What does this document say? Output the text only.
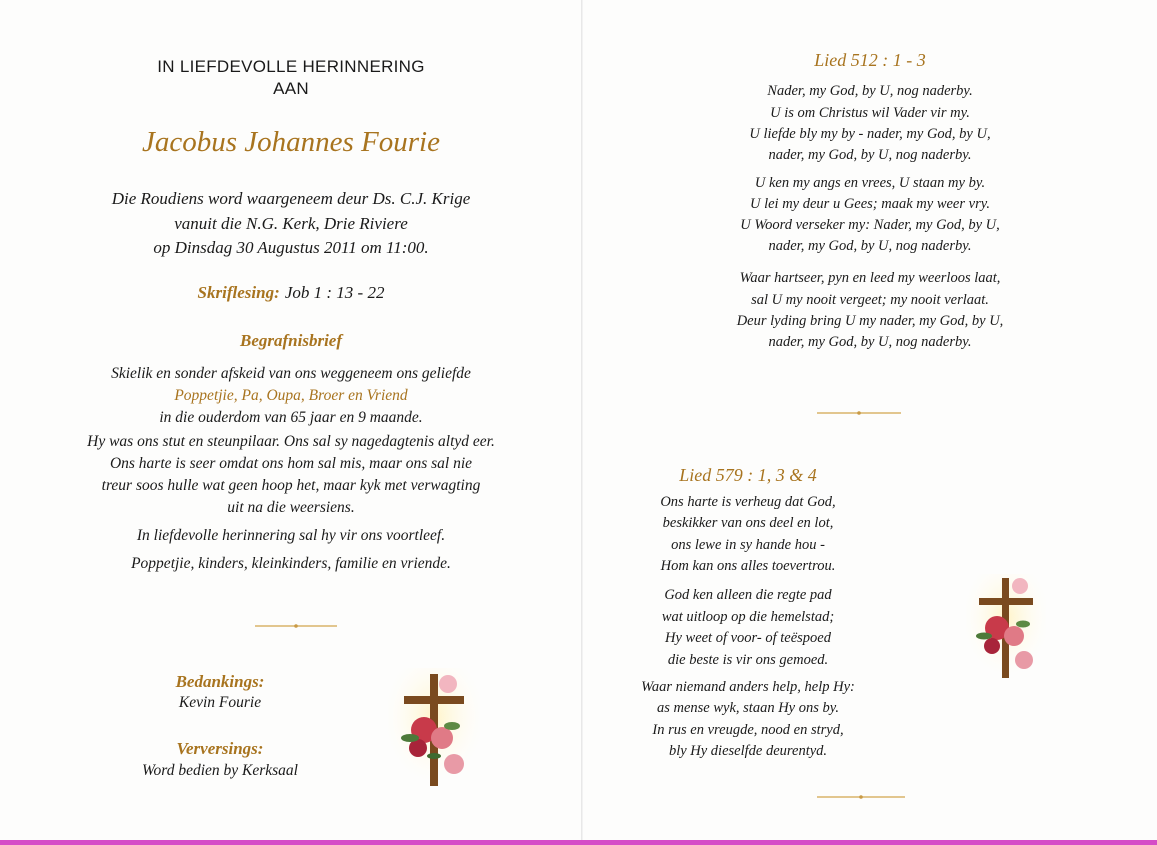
IN LIEFDEVOLLE HERINNERING
AAN
Jacobus Johannes Fourie
Die Roudiens word waargeneem deur Ds. C.J. Krige
vanuit die N.G. Kerk, Drie Riviere
op Dinsdag 30 Augustus 2011 om 11:00.
Skriflesing: Job 1 : 13 - 22
Begrafnisbrief
Skielik en sonder afskeid van ons weggeneem ons geliefde
Poppetjie, Pa, Oupa, Broer en Vriend
in die ouderdom van 65 jaar en 9 maande.
Hy was ons stut en steunpilaar. Ons sal sy nagedagtenis altyd eer.
Ons harte is seer omdat ons hom sal mis, maar ons sal nie
treur soos hulle wat geen hoop het, maar kyk met verwagting
uit na die weersiens.
In liefdevolle herinnering sal hy vir ons voortleef.
Poppetjie, kinders, kleinkinders, familie en vriende.
Bedankings:
Kevin Fourie
Verversings:
Word bedien by Kerksaal
Lied 512 : 1 - 3
Nader, my God, by U, nog naderby.
U is om Christus wil Vader vir my.
U liefde bly my by - nader, my God, by U,
nader, my God, by U, nog naderby.
U ken my angs en vrees, U staan my by.
U lei my deur u Gees; maak my weer vry.
U Woord verseker my: Nader, my God, by U,
nader, my God, by U, nog naderby.
Waar hartseer, pyn en leed my weerloos laat,
sal U my nooit vergeet; my nooit verlaat.
Deur lyding bring U my nader, my God, by U,
nader, my God, by U, nog naderby.
Lied 579 : 1, 3 & 4
Ons harte is verheug dat God,
beskikker van ons deel en lot,
ons lewe in sy hande hou -
Hom kan ons alles toevertrou.
God ken alleen die regte pad
wat uitloop op die hemelstad;
Hy weet of voor- of teëspoed
die beste is vir ons gemoed.
Waar niemand anders help, help Hy:
as mense wyk, staan Hy ons by.
In rus en vreugde, nood en stryd,
bly Hy dieselfde deurentyd.
